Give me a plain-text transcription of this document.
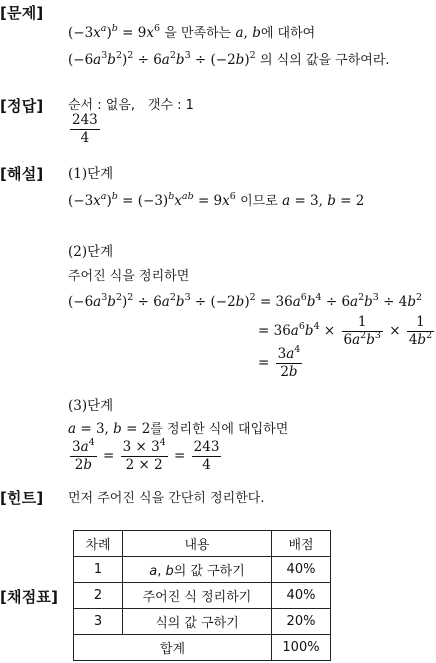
[문제]
[정답]
[해설]
[힌트]
[채점표]
$(-3x^a)^b = 9x^6$ 을 만족하는 a, b에 대하여
$(-6a^3b^2)^2 \div 6a^2b^3 \div (-2b)^2$ 의 식의 값을 구하여라.
순서 : 없음, 갯수 : 1
$\frac{243}{4}$
(1)단계
$(-3x^a)^b = (-3)^bx^{ab} = 9x^6$ 이므로 a = 3, b = 2
(2)단계
주어진 식을 정리하면
$(-6a^3b^2)^2 \div 6a^2b^3 \div (-2b)^2 = 36a^6b^4 \div 6a^2b^3 \div 4b^2$
= $36a^6b^4 \times \frac{1}{6a^2b^3} \times \frac{1}{4b^2}$
= $\frac{3a^4}{2b}$
(3)단계
a = 3, b = 2를 정리한 식에 대입하면
$\frac{3a^4}{2b} = \frac{3 \times 3^4}{2 \times 2} = \frac{243}{4}$
먼저 주어진 식을 간단히 정리한다.
차례	내용	배점
1	a, b의 값 구하기	40%
2	주어진 식 정리하기	40%
3	식의 값 구하기	20%
합계		100%
